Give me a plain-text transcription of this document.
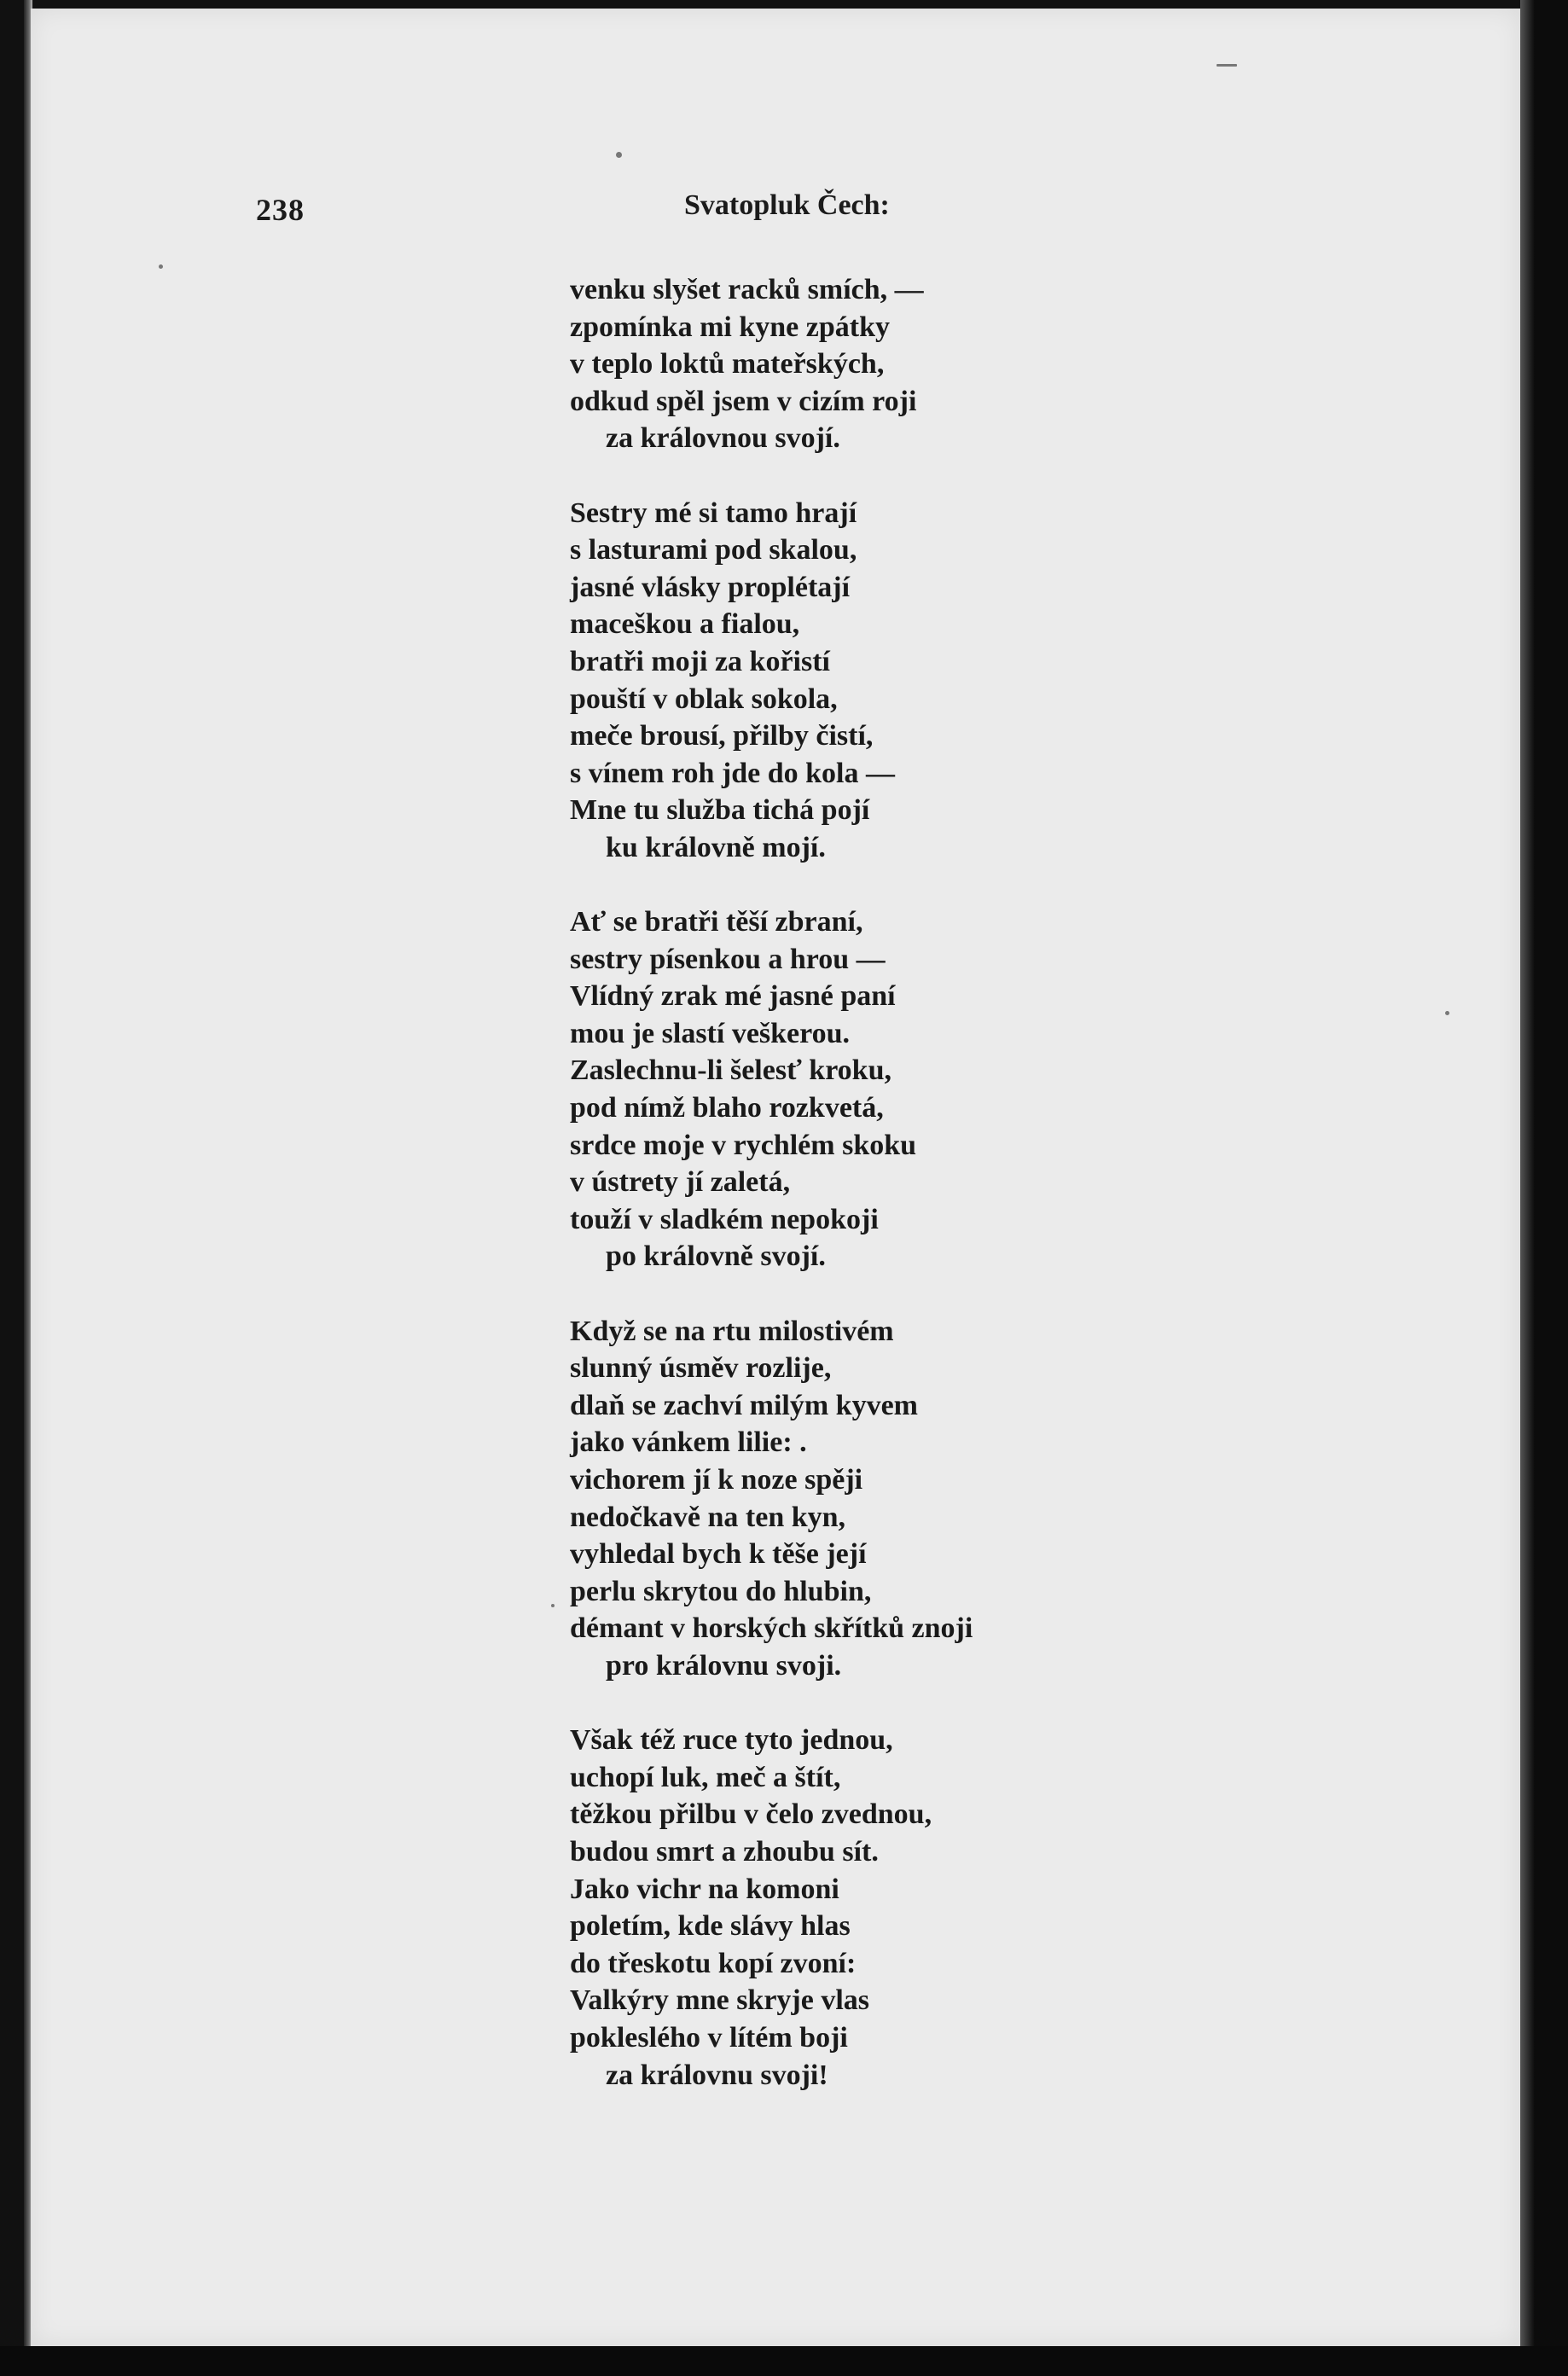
238	Svatopluk Čech:
venku slyšet racků smích, —
zpomínka mi kyne zpátky
v teplo loktů mateřských,
odkud spěl jsem v cizím roji
za královnou svojí.
Sestry mé si tamo hrají
s lasturami pod skalou,
jasné vlásky proplétají
maceškou a fialou,
bratři moji za kořistí
pouští v oblak sokola,
meče brousí, přilby čistí,
s vínem roh jde do kola —
Mne tu služba tichá pojí
ku královně mojí.
Ať se bratři těší zbraní,
sestry písenkou a hrou —
Vlídný zrak mé jasné paní
mou je slastí veškerou.
Zaslechnu-li šelesť kroku,
pod nímž blaho rozkvetá,
srdce moje v rychlém skoku
v ústrety jí zaletá,
touží v sladkém nepokoji
po královně svojí.
Když se na rtu milostivém
slunný úsměv rozlije,
dlaň se zachví milým kyvem
jako vánkem lilie: .
vichorem jí k noze spěji
nedočkavě na ten kyn,
vyhledal bych k těše její
perlu skrytou do hlubin,
démant v horských skřítků znoji
pro královnu svoji.
Však též ruce tyto jednou,
uchopí luk, meč a štít,
těžkou přilbu v čelo zvednou,
budou smrt a zhoubu sít.
Jako vichr na komoni
poletím, kde slávy hlas
do třeskotu kopí zvoní:
Valkýry mne skryje vlas
pokleslého v lítém boji
za královnu svoji!
